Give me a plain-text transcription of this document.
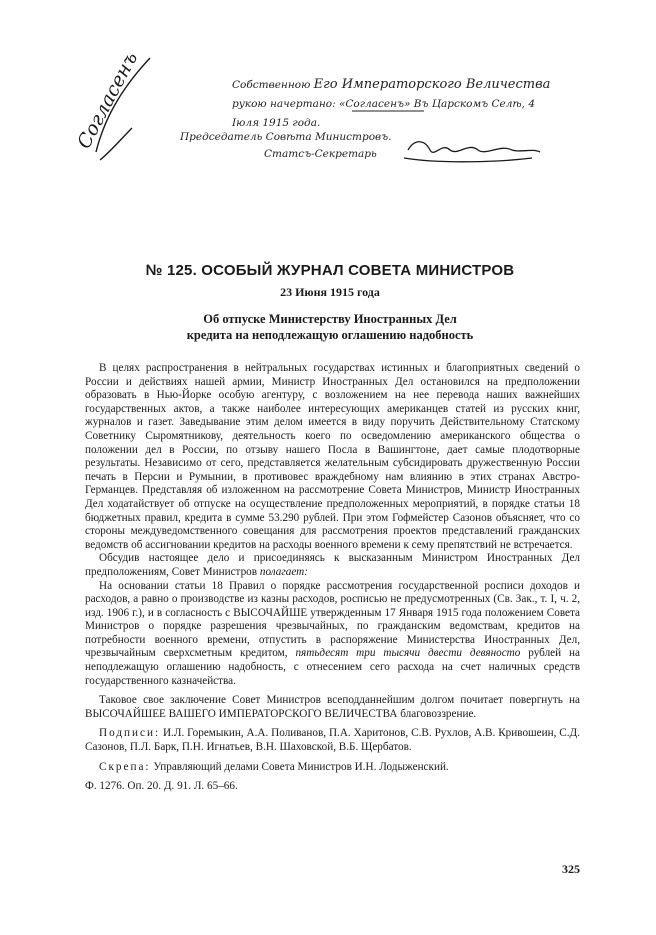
Согласенъ	Собственною Его Императорского Величества

рукою начертано: «Согласенъ» Въ Царскомъ Селѣ, 4

Іюля 1915 года.

Председатель Совѣта Министровъ.

Статсъ-Секретарь

№ 125. ОСОБЫЙ ЖУРНАЛ СОВЕТА МИНИСТРОВ
23 Июня 1915 года
Об отпуске Министерству Иностранных Дел
кредита на неподлежащую оглашению надобность

В целях распространения в нейтральных государствах истинных и благоприятных сведений о России и действиях нашей армии, Министр Иностранных Дел остановился на предположении образовать в Нью-Йорке особую агентуру, с возложением на нее перевода наших важнейших государственных актов, а также наиболее интересующих американцев статей из русских книг, журналов и газет. Заведывание этим делом имеется в виду поручить Действительному Статскому Советнику Сыромятникову, деятельность коего по осведомлению американского общества о положении дел в России, по отзыву нашего Посла в Вашингтоне, дает самые плодотворные результаты. Независимо от сего, представляется желательным субсидировать дружественную России печать в Персии и Румынии, в противовес враждебному нам влиянию в этих странах Австро-Германцев. Представляя об изложенном на рассмотрение Совета Министров, Министр Иностранных Дел ходатайствует об отпуске на осуществление предположенных мероприятий, в порядке статьи 18 бюджетных правил, кредита в сумме 53.290 рублей. При этом Гофмейстер Сазонов объясняет, что со стороны междуведомственного совещания для рассмотрения проектов представлений гражданских ведомств об ассигновании кредитов на расходы военного времени к сему препятствий не встречается.

Обсудив настоящее дело и присоединяясь к высказанным Министром Иностранных Дел предположениям, Совет Министров полагает:

На основании статьи 18 Правил о порядке рассмотрения государственной росписи доходов и расходов, а равно о производстве из казны расходов, росписью не предусмотренных (Св. Зак., т. I, ч. 2, изд. 1906 г.), и в согласность с ВЫСОЧАЙШЕ утвержденным 17 Января 1915 года положением Совета Министров о порядке разрешения чрезвычайных, по гражданским ведомствам, кредитов на потребности военного времени, отпустить в распоряжение Министерства Иностранных Дел, чрезвычайным сверхсметным кредитом, пятьдесят три тысячи двести девяносто рублей на неподлежащую оглашению надобность, с отнесением сего расхода на счет наличных средств государственного казначейства.

Таковое свое заключение Совет Министров всеподданнейшим долгом почитает повергнуть на ВЫСОЧАЙШЕЕ ВАШЕГО ИМПЕРАТОРСКОГО ВЕЛИЧЕСТВА благовоззрение.

Подписи: И.Л. Горемыкин, А.А. Поливанов, П.А. Харитонов, С.В. Рухлов, А.В. Кривошеин, С.Д. Сазонов, П.Л. Барк, П.Н. Игнатьев, В.Н. Шаховской, В.Б. Щербатов.

Скрепа: Управляющий делами Совета Министров И.Н. Лодыженский.

Ф. 1276. Оп. 20. Д. 91. Л. 65–66.

325
